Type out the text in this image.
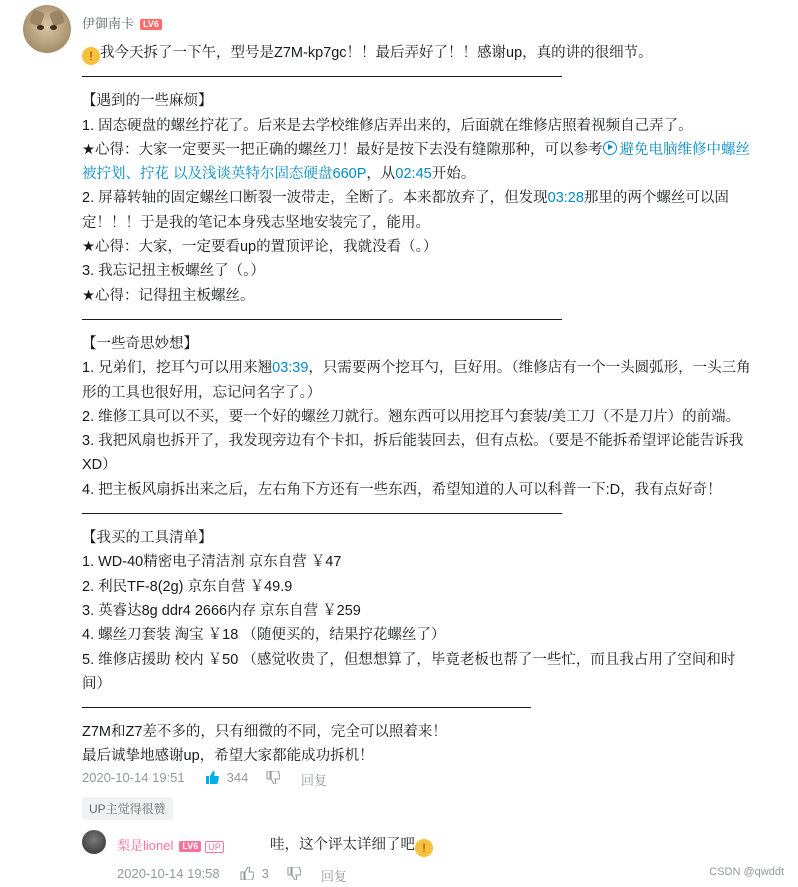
伊御南卡 LV6

! 我今天拆了一下午，型号是Z7M-kp7gc！！最后弄好了！！感谢up，真的讲的很细节。

【遇到的一些麻烦】

1. 固态硬盘的螺丝拧花了。后来是去学校维修店弄出来的，后面就在维修店照着视频自己弄了。

★心得：大家一定要买一把正确的螺丝刀！最好是按下去没有缝隙那种，可以参考 避免电脑维修中螺丝

被拧划、拧花 以及浅谈英特尔固态硬盘660P，从02:45开始。

2. 屏幕转轴的固定螺丝口断裂一波带走，全断了。本来都放弃了，但发现03:28那里的两个螺丝可以固

定！！！于是我的笔记本身残志坚地安装完了，能用。

★心得：大家，一定要看up的置顶评论，我就没看（。）

3. 我忘记扭主板螺丝了（。）

★心得：记得扭主板螺丝。

【一些奇思妙想】

1. 兄弟们，挖耳勺可以用来翘03:39，只需要两个挖耳勺，巨好用。（维修店有一个一头圆弧形，一头三角

形的工具也很好用，忘记问名字了。）

2. 维修工具可以不买，要一个好的螺丝刀就行。翘东西可以用挖耳勺套装/美工刀（不是刀片）的前端。

3. 我把风扇也拆开了，我发现旁边有个卡扣，拆后能装回去，但有点松。（要是不能拆希望评论能告诉我

XD）

4. 把主板风扇拆出来之后，左右角下方还有一些东西，希望知道的人可以科普一下:D，我有点好奇！

【我买的工具清单】

1. WD-40精密电子清洁剂 京东自营 ￥47

2. 利民TF-8(2g) 京东自营 ￥49.9

3. 英睿达8g ddr4 2666内存 京东自营 ￥259

4. 螺丝刀套装 淘宝 ￥18 （随便买的，结果拧花螺丝了）

5. 维修店援助 校内 ￥50 （感觉收贵了，但想想算了，毕竟老板也帮了一些忙，而且我占用了空间和时

间）

Z7M和Z7差不多的，只有细微的不同，完全可以照着来！

最后诚挚地感谢up，希望大家都能成功拆机！

2020-10-14 19:51	344	回复
UP主觉得很赞
梨是lionel LV6 UP	哇，这个评太详细了吧 !
2020-10-14 19:58	3	回复	CSDN @qwddt
